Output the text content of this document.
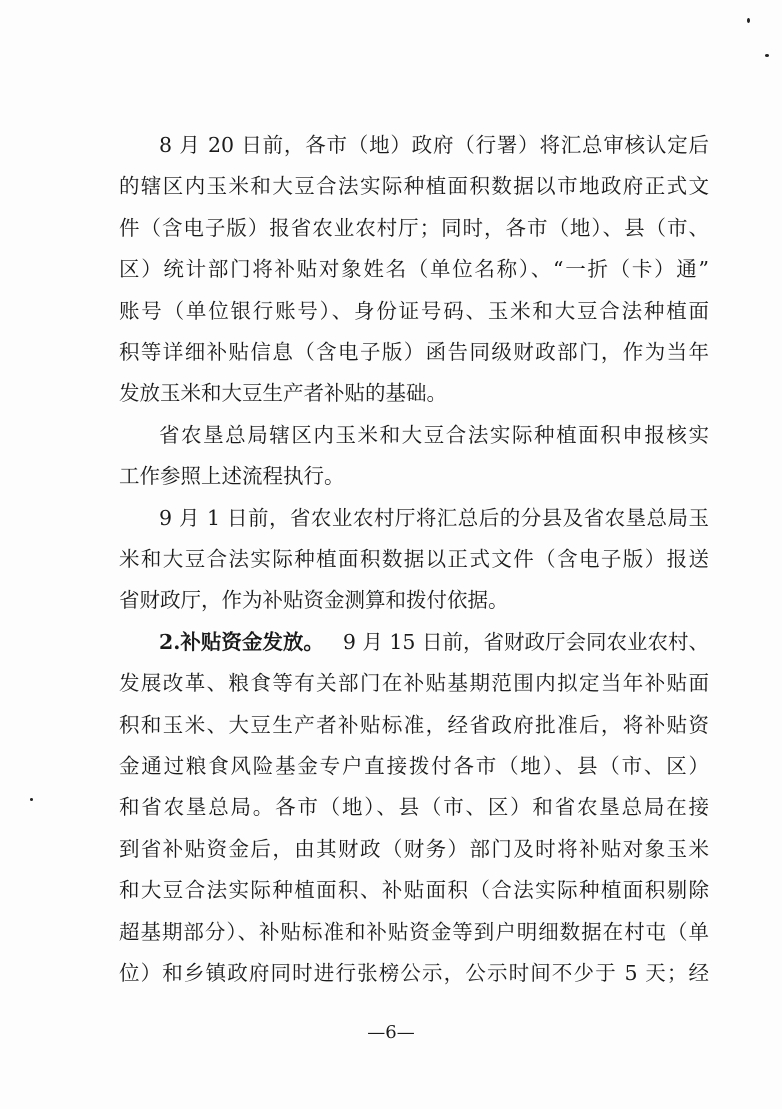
8 月 20 日前，各市（地）政府（行署）将汇总审核认定后
的辖区内玉米和大豆合法实际种植面积数据以市地政府正式文
件（含电子版）报省农业农村厅；同时，各市（地）、县（市、
区）统计部门将补贴对象姓名（单位名称）、“一折（卡）通”
账号（单位银行账号）、身份证号码、玉米和大豆合法种植面
积等详细补贴信息（含电子版）函告同级财政部门，作为当年
发放玉米和大豆生产者补贴的基础。
省农垦总局辖区内玉米和大豆合法实际种植面积申报核实
工作参照上述流程执行。
9 月 1 日前，省农业农村厅将汇总后的分县及省农垦总局玉
米和大豆合法实际种植面积数据以正式文件（含电子版）报送
省财政厅，作为补贴资金测算和拨付依据。
2.补贴资金发放。 9 月 15 日前，省财政厅会同农业农村、
发展改革、粮食等有关部门在补贴基期范围内拟定当年补贴面
积和玉米、大豆生产者补贴标准，经省政府批准后，将补贴资
金通过粮食风险基金专户直接拨付各市（地）、县（市、区）
和省农垦总局。各市（地）、县（市、区）和省农垦总局在接
到省补贴资金后，由其财政（财务）部门及时将补贴对象玉米
和大豆合法实际种植面积、补贴面积（合法实际种植面积剔除
超基期部分）、补贴标准和补贴资金等到户明细数据在村屯（单
位）和乡镇政府同时进行张榜公示，公示时间不少于 5 天；经
—6—
